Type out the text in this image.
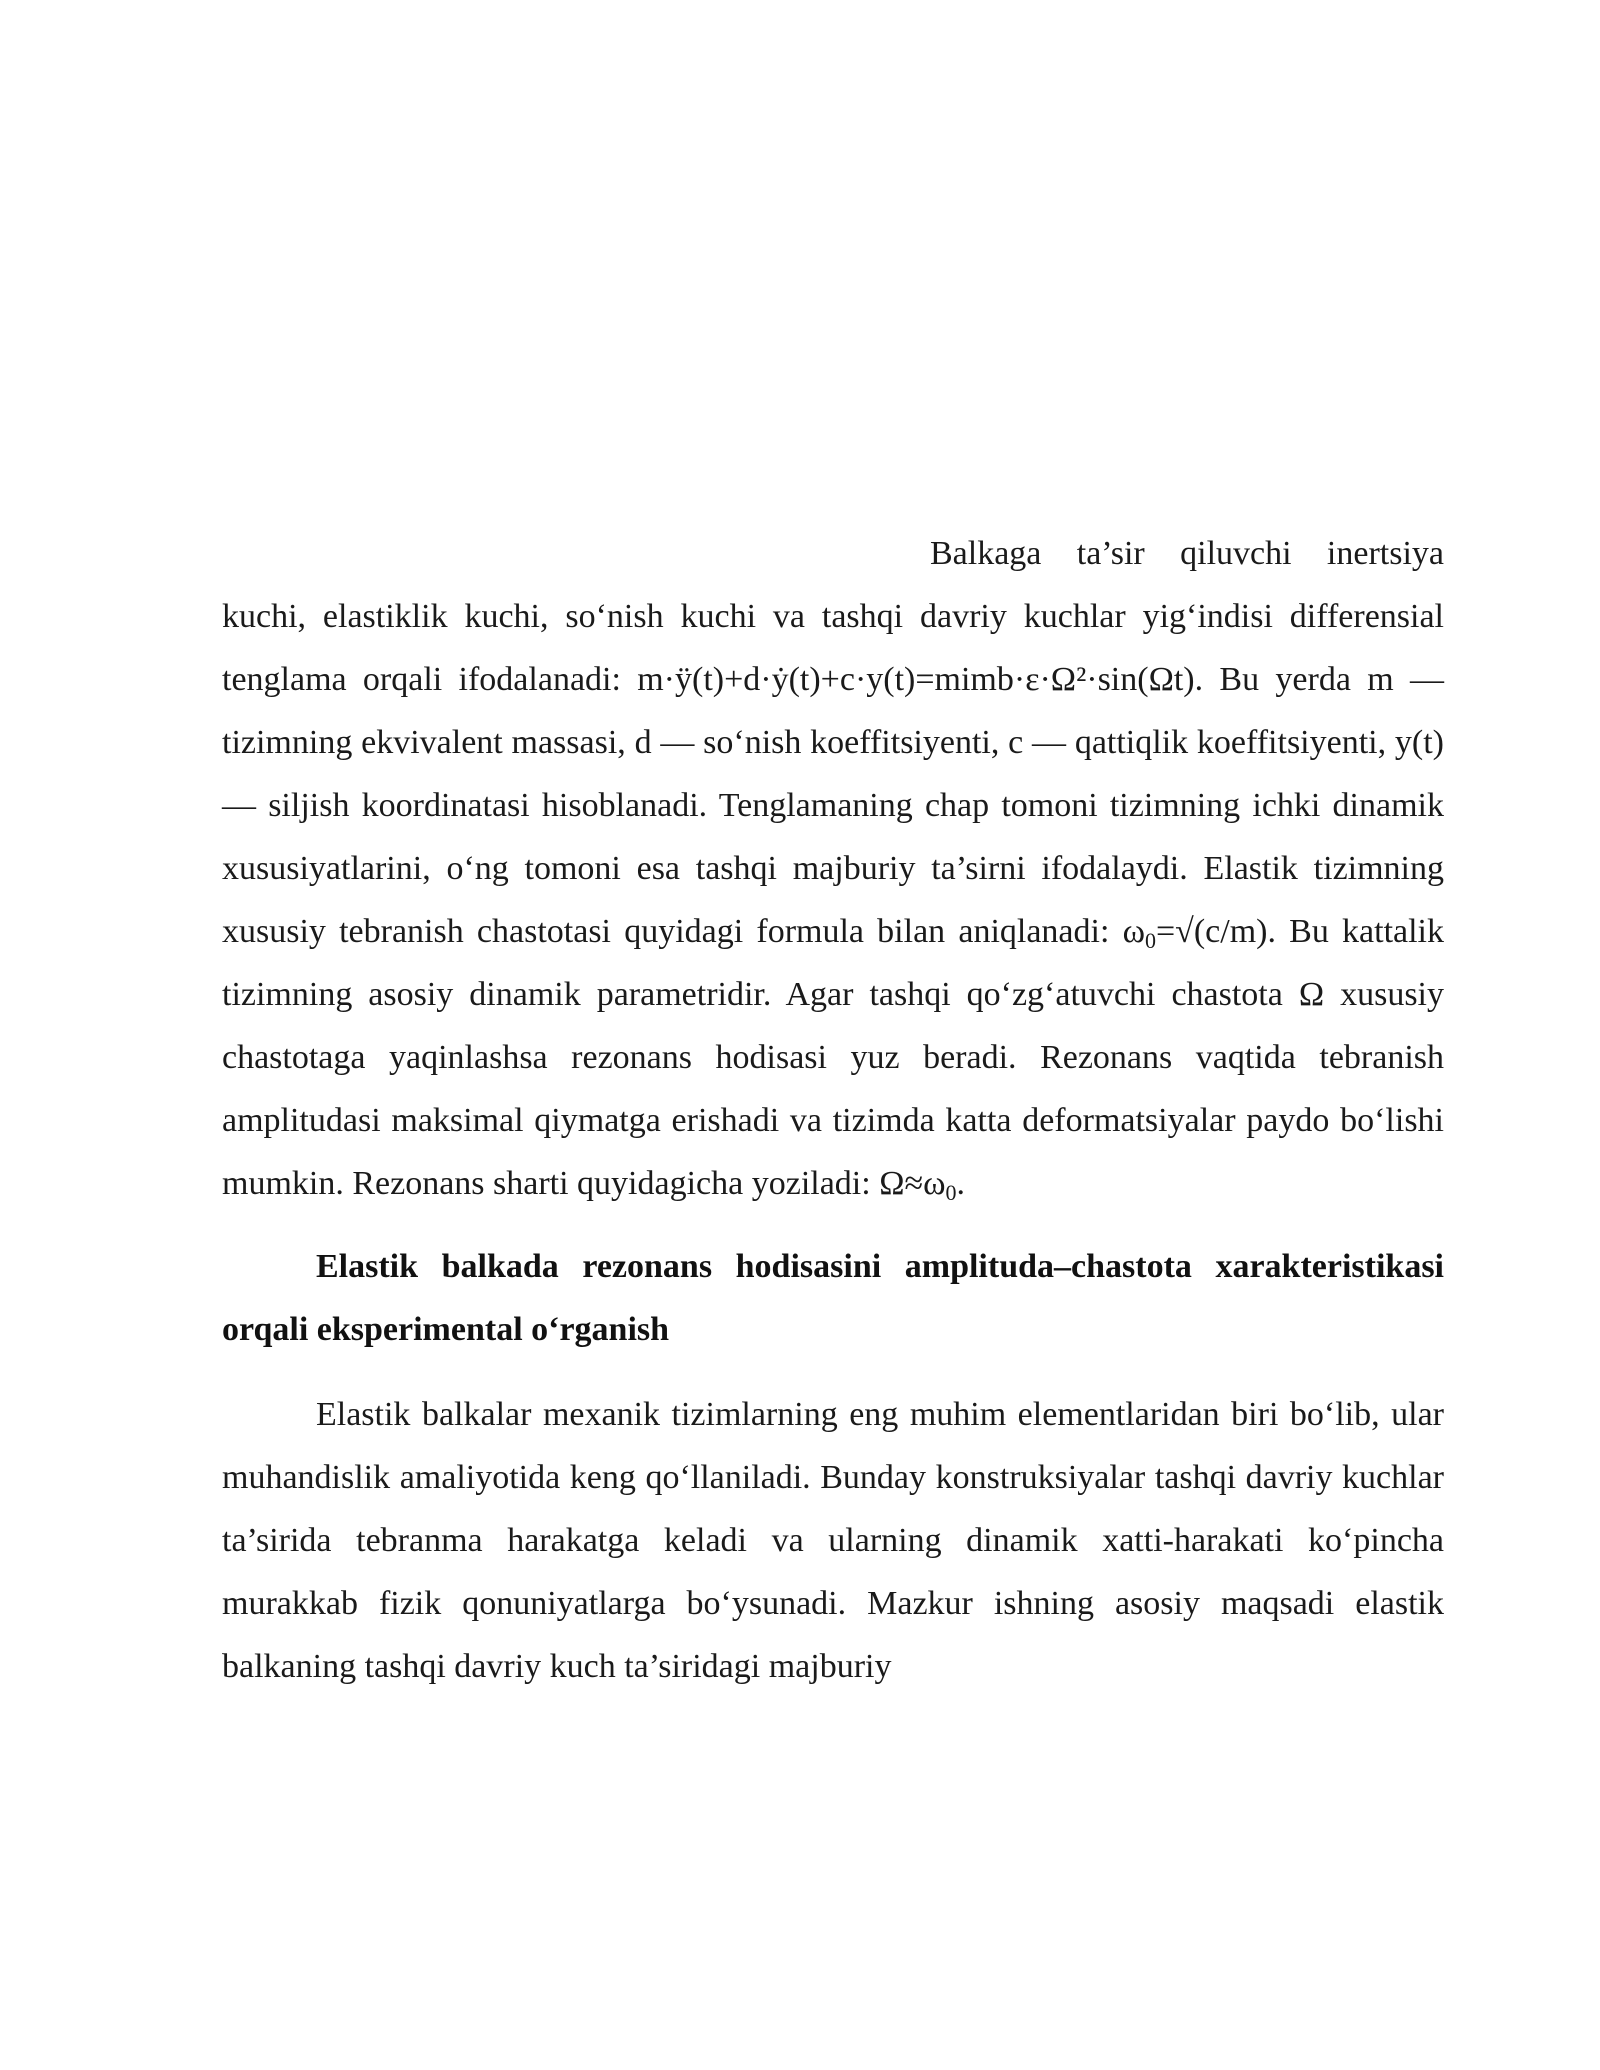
Balkaga ta’sir qiluvchi inertsiya kuchi, elastiklik kuchi, so‘nish kuchi va tashqi davriy kuchlar yig‘indisi differensial tenglama orqali ifodalanadi: m·ÿ(t)+d·ẏ(t)+c·y(t)=mimb·ε·Ω²·sin(Ωt). Bu yerda m — tizimning ekvivalent massasi, d — so‘nish koeffitsiyenti, c — qattiqlik koeffitsiyenti, y(t) — siljish koordinatasi hisoblanadi. Tenglamaning chap tomoni tizimning ichki dinamik xususiyatlarini, o‘ng tomoni esa tashqi majburiy ta’sirni ifodalaydi. Elastik tizimning xususiy tebranish chastotasi quyidagi formula bilan aniqlanadi: $\omega_0=√(c/m)$. Bu kattalik tizimning asosiy dinamik parametridir. Agar tashqi qo‘zg‘atuvchi chastota Ω xususiy chastotaga yaqinlashsa rezonans hodisasi yuz beradi. Rezonans vaqtida tebranish amplitudasi maksimal qiymatga erishadi va tizimda katta deformatsiyalar paydo bo‘lishi mumkin. Rezonans sharti quyidagicha yoziladi: $\Omega\approx\omega_0$.

Elastik balkada rezonans hodisasini amplituda–chastota xarakteristikasi orqali eksperimental o‘rganish

Elastik balkalar mexanik tizimlarning eng muhim elementlaridan biri bo‘lib, ular muhandislik amaliyotida keng qo‘llaniladi. Bunday konstruksiyalar tashqi davriy kuchlar ta’sirida tebranma harakatga keladi va ularning dinamik xatti-harakati ko‘pincha murakkab fizik qonuniyatlarga bo‘ysunadi. Mazkur ishning asosiy maqsadi elastik balkaning tashqi davriy kuch ta’siridagi majburiy
